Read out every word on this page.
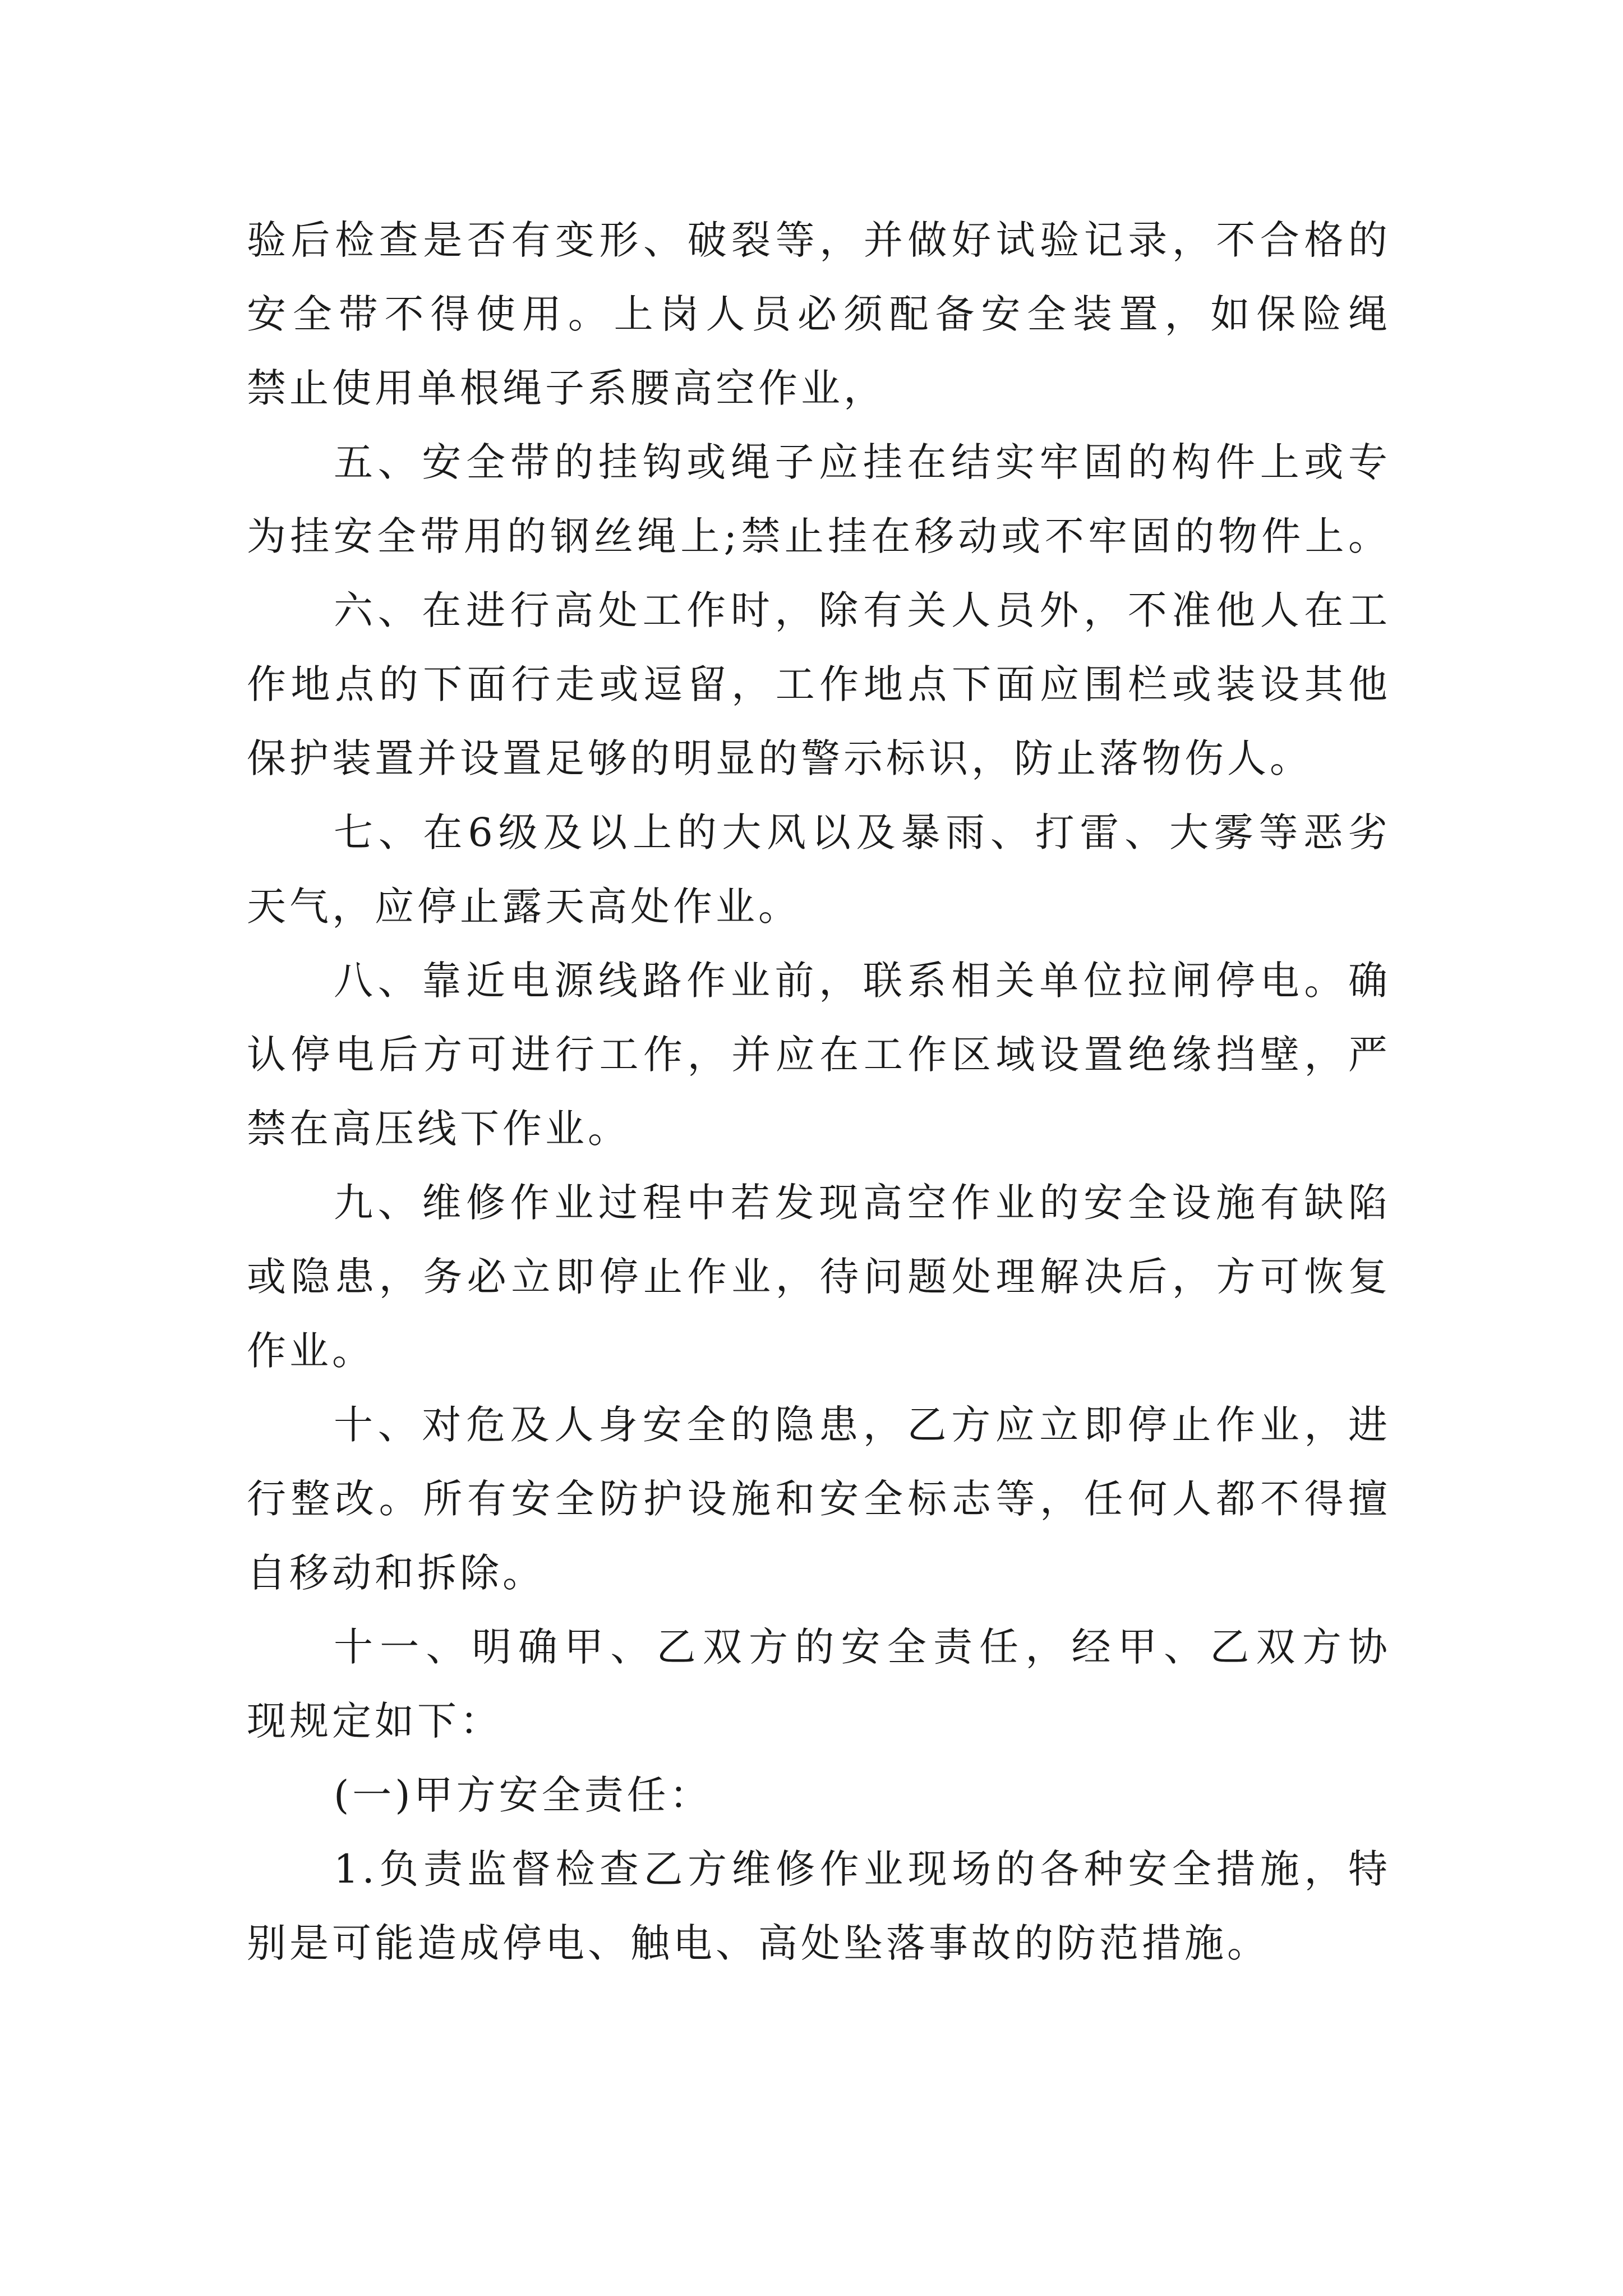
验后检查是否有变形、破裂等，并做好试验记录，不合格的
安全带不得使用。上岗人员必须配备安全装置，如保险绳
禁止使用单根绳子系腰高空作业，
五、安全带的挂钩或绳子应挂在结实牢固的构件上或专
为挂安全带用的钢丝绳上;禁止挂在移动或不牢固的物件上。
六、在进行高处工作时，除有关人员外，不准他人在工
作地点的下面行走或逗留，工作地点下面应围栏或装设其他
保护装置并设置足够的明显的警示标识，防止落物伤人。
七、在6级及以上的大风以及暴雨、打雷、大雾等恶劣
天气，应停止露天高处作业。
八、靠近电源线路作业前，联系相关单位拉闸停电。确
认停电后方可进行工作，并应在工作区域设置绝缘挡壁，严
禁在高压线下作业。
九、维修作业过程中若发现高空作业的安全设施有缺陷
或隐患，务必立即停止作业，待问题处理解决后，方可恢复
作业。
十、对危及人身安全的隐患，乙方应立即停止作业，进
行整改。所有安全防护设施和安全标志等，任何人都不得擅
自移动和拆除。
十一、明确甲、乙双方的安全责任，经甲、乙双方协
现规定如下：
(一)甲方安全责任：
1.负责监督检查乙方维修作业现场的各种安全措施，特
别是可能造成停电、触电、高处坠落事故的防范措施。
